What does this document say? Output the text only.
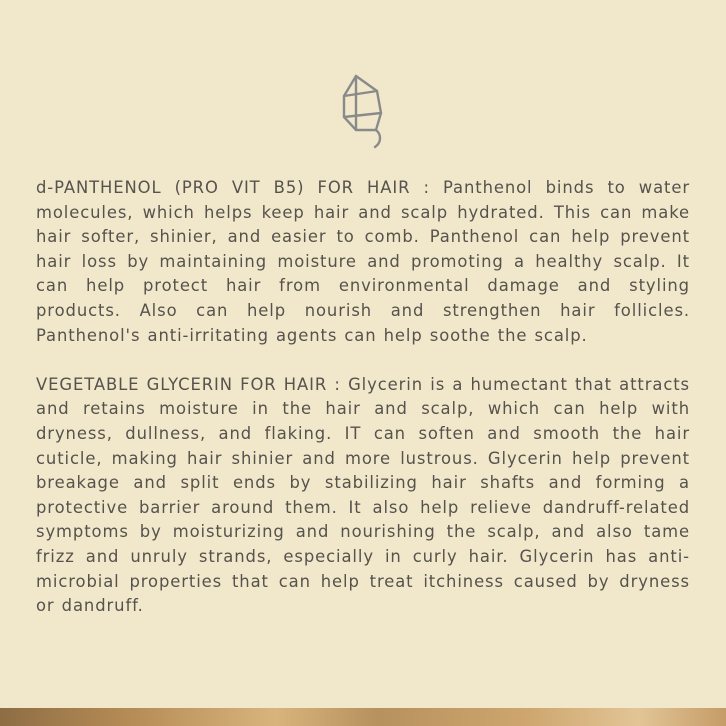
d-PANTHENOL (PRO VIT B5) FOR HAIR : Panthenol binds to water molecules, which helps keep hair and scalp hydrated. This can make hair softer, shinier, and easier to comb. Panthenol can help prevent hair loss by maintaining moisture and promoting a healthy scalp. It can help protect hair from environmental damage and styling products. Also can help nourish and strengthen hair follicles. Panthenol's anti-irritating agents can help soothe the scalp.

VEGETABLE GLYCERIN FOR HAIR : Glycerin is a humectant that attracts and retains moisture in the hair and scalp, which can help with dryness, dullness, and flaking. IT can soften and smooth the hair cuticle, making hair shinier and more lustrous. Glycerin help prevent breakage and split ends by stabilizing hair shafts and forming a protective barrier around them. It also help relieve dandruff-related symptoms by moisturizing and nourishing the scalp, and also tame frizz and unruly strands, especially in curly hair. Glycerin has anti-microbial properties that can help treat itchiness caused by dryness or dandruff.
